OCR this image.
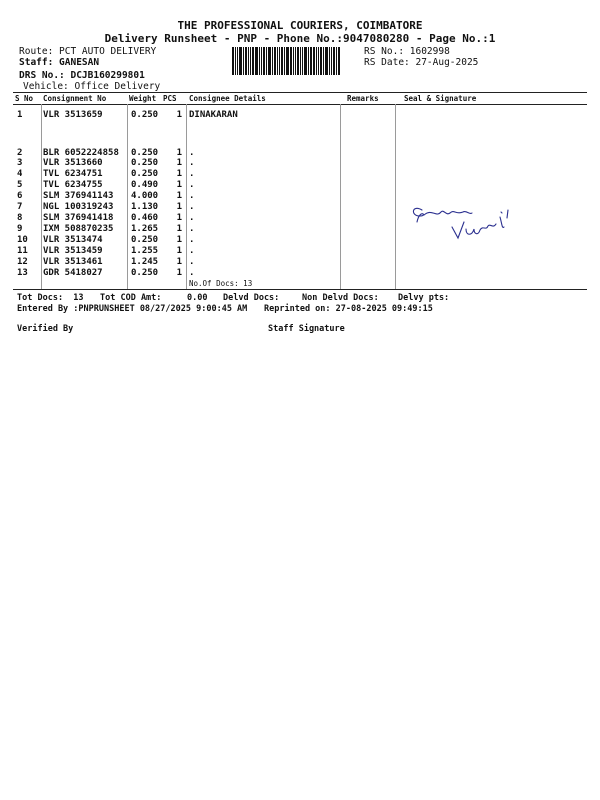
THE PROFESSIONAL COURIERS, COIMBATORE
Delivery Runsheet - PNP - Phone No.:9047080280 - Page No.:1
Route: PCT AUTO DELIVERY
Staff: GANESAN
DRS No.: DCJB160299801
Vehicle: Office Delivery
RS No.: 1602998
RS Date: 27-Aug-2025
S No Consignment No	Weight PCS Consignee Details	Remarks	Seal & Signature
1 VLR 3513659	0.250 1 DINAKARAN
2 BLR 6052224858 0.250 1 .
3 VLR 3513660	0.250 1 .
4 TVL 6234751	0.250 1 .
5 TVL 6234755	0.490 1 .
6 SLM 376941143 4.000 1 .
7 NGL 100319243 1.130 1 .
8 SLM 376941418 0.460 1 .
9 IXM 508870235 1.265 1 .
10 VLR 3513474	0.250 1 .
11 VLR 3513459	1.255 1 .
12 VLR 3513461	1.245 1 .
13 GDR 5418027	0.250 1 .
No.Of Docs: 13
Tot Docs:  13 Tot COD Amt:     0.00 Delvd Docs:	Non Delvd Docs: Delvy pts:
Entered By :PNPRUNSHEET 08/27/2025 9:00:45 AM Reprinted on: 27-08-2025 09:49:15
Verified By	Staff Signature
